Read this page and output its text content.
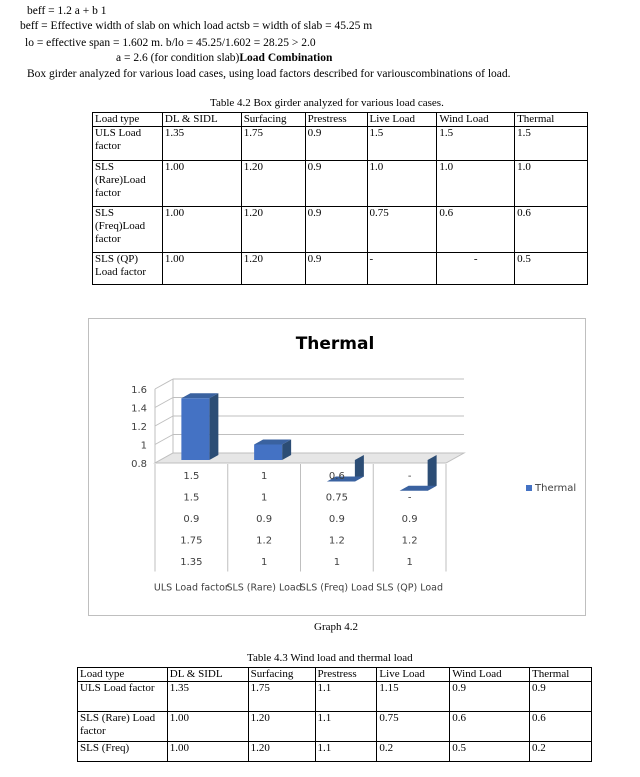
beff = 1.2 a + b 1
beff = Effective width of slab on which load actsb = width of slab = 45.25 m
lo = effective span = 1.602 m. b/lo = 45.25/1.602 = 28.25 > 2.0
a = 2.6 (for condition slab)Load Combination
Box girder analyzed for various load cases, using load factors described for variouscombinations of load.
Table 4.2 Box girder analyzed for various load cases.
Load type	DL & SIDL	Surfacing	Prestress	Live Load	Wind Load	Thermal
ULS Load factor	1.35	1.75	0.9	1.5	1.5	1.5
SLS (Rare)Load factor	1.00	1.20	0.9	1.0	1.0	1.0
SLS (Freq)Load factor	1.00	1.20	0.9	0.75	0.6	0.6
SLS (QP) Load factor	1.00	1.20	0.9	-	-	0.5
Thermal
0.8
1
1.2
1.4
1.6
1.5	1	0.6	-
1.5	1	0.75	-
0.9	0.9	0.9	0.9
1.75	1.2	1.2	1.2
1.35	1	1	1
ULS Load factor
SLS (Rare) Load
SLS (Freq) Load SLS (QP) Load
Thermal
Graph 4.2
Table 4.3 Wind load and thermal load
Load type	DL & SIDL	Surfacing	Prestress	Live Load	Wind Load	Thermal
ULS Load factor	1.35	1.75	1.1	1.15	0.9	0.9
SLS (Rare) Load factor	1.00	1.20	1.1	0.75	0.6	0.6
SLS (Freq)	1.00	1.20	1.1	0.2	0.5	0.2
